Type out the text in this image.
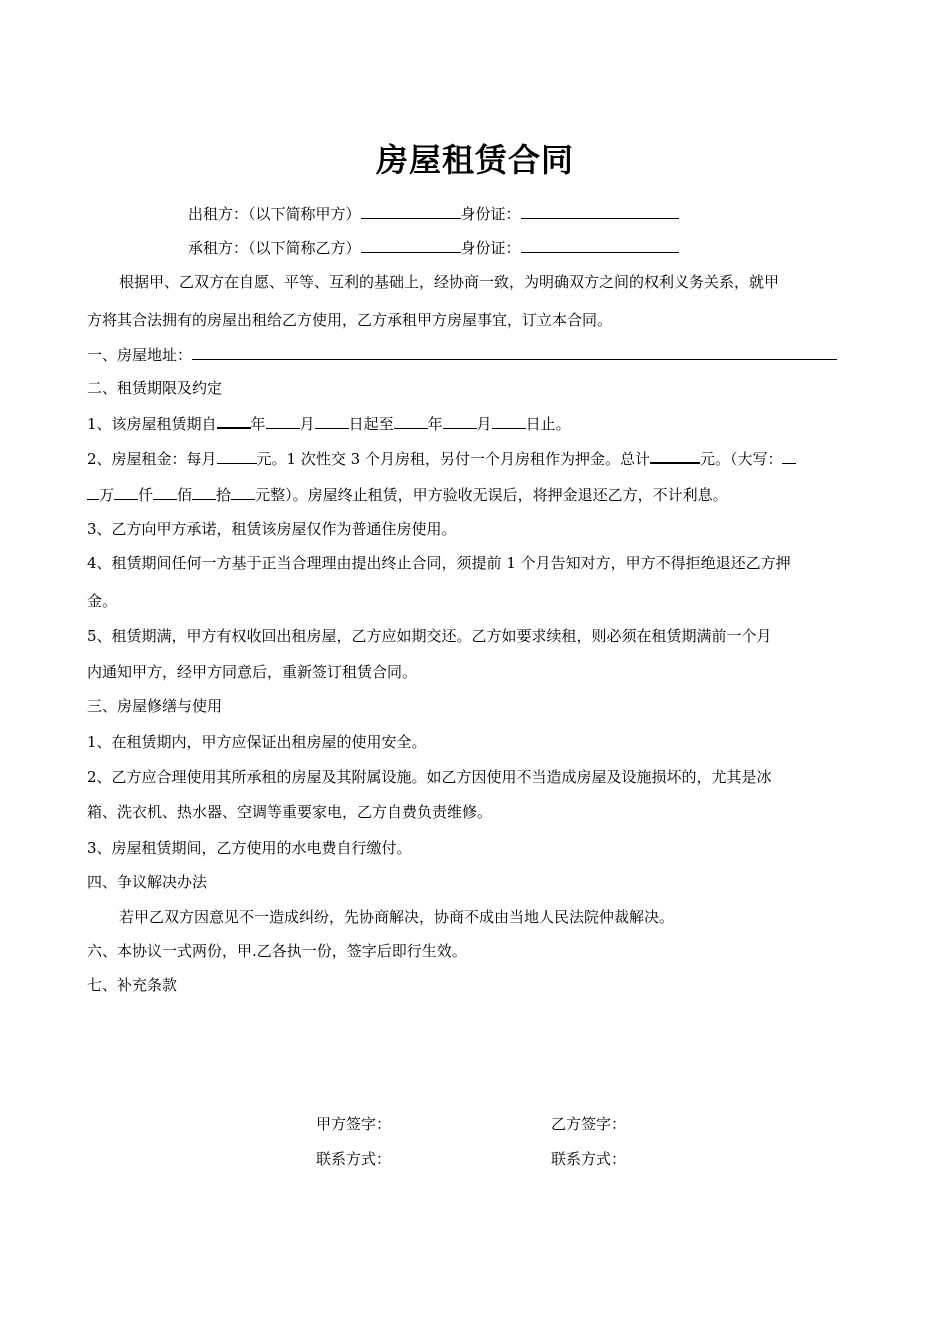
房屋租赁合同
出租方：（以下简称甲方）	身份证：
承租方：（以下简称乙方）	身份证：
根据甲、乙双方在自愿、平等、互利的基础上，经协商一致，为明确双方之间的权利义务关系，就甲
方将其合法拥有的房屋出租给乙方使用，乙方承租甲方房屋事宜，订立本合同。
一、房屋地址：
二、租赁期限及约定
1、该房屋租赁期自 年 月 日起至 年 月 日止。
2、房屋租金：每月	元。1 次性交 3 个月房租，另付一个月房租作为押金。总计	元。（大写：
万 仟 佰 拾 元整）。房屋终止租赁，甲方验收无误后，将押金退还乙方，不计利息。
3、乙方向甲方承诺，租赁该房屋仅作为普通住房使用。
4、租赁期间任何一方基于正当合理理由提出终止合同，须提前 1 个月告知对方，甲方不得拒绝退还乙方押
金。
5、租赁期满，甲方有权收回出租房屋，乙方应如期交还。乙方如要求续租，则必须在租赁期满前一个月
内通知甲方，经甲方同意后，重新签订租赁合同。
三、房屋修缮与使用
1、在租赁期内，甲方应保证出租房屋的使用安全。
2、乙方应合理使用其所承租的房屋及其附属设施。如乙方因使用不当造成房屋及设施损坏的，尤其是冰
箱、洗衣机、热水器、空调等重要家电，乙方自费负责维修。
3、房屋租赁期间，乙方使用的水电费自行缴付。
四、争议解决办法
若甲乙双方因意见不一造成纠纷，先协商解决，协商不成由当地人民法院仲裁解决。
六、本协议一式两份，甲.乙各执一份，签字后即行生效。
七、补充条款
甲方签字：	乙方签字：
联系方式：	联系方式：
